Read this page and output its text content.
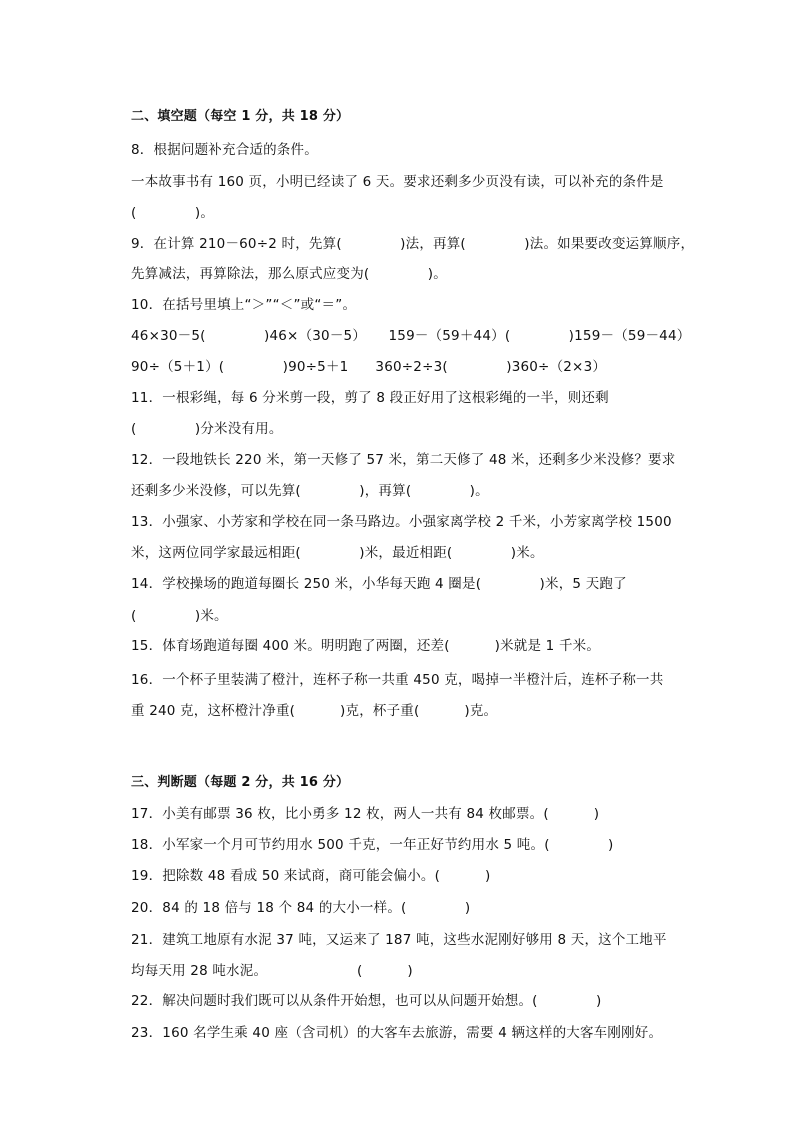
二、填空题（每空 1 分，共 18 分）
8．根据问题补充合适的条件。
一本故事书有 160 页，小明已经读了 6 天。要求还剩多少页没有读，可以补充的条件是
(             )。
9．在计算 210－60÷2 时，先算(             )法，再算(             )法。如果要改变运算顺序，
先算减法，再算除法，那么原式应变为(             )。
10．在括号里填上“＞”“＜”或“＝”。
46×30－5(             )46×（30－5）     159－（59＋44）(             )159－（59－44）
90÷（5＋1）(             )90÷5＋1      360÷2÷3(             )360÷（2×3）
11．一根彩绳，每 6 分米剪一段，剪了 8 段正好用了这根彩绳的一半，则还剩
(             )分米没有用。
12．一段地铁长 220 米，第一天修了 57 米，第二天修了 48 米，还剩多少米没修？要求
还剩多少米没修，可以先算(             )，再算(             )。
13．小强家、小芳家和学校在同一条马路边。小强家离学校 2 千米，小芳家离学校 1500
米，这两位同学家最远相距(             )米，最近相距(             )米。
14．学校操场的跑道每圈长 250 米，小华每天跑 4 圈是(             )米，5 天跑了
(             )米。
15．体育场跑道每圈 400 米。明明跑了两圈，还差(          )米就是 1 千米。
16．一个杯子里装满了橙汁，连杯子称一共重 450 克，喝掉一半橙汁后，连杯子称一共
重 240 克，这杯橙汁净重(          )克，杯子重(          )克。
三、判断题（每题 2 分，共 16 分）
17．小美有邮票 36 枚，比小勇多 12 枚，两人一共有 84 枚邮票。(          )
18．小军家一个月可节约用水 500 千克，一年正好节约用水 5 吨。(             )
19．把除数 48 看成 50 来试商，商可能会偏小。(          )
20．84 的 18 倍与 18 个 84 的大小一样。(             )
21．建筑工地原有水泥 37 吨，又运来了 187 吨，这些水泥刚好够用 8 天，这个工地平
均每天用 28 吨水泥。                    (          )
22．解决问题时我们既可以从条件开始想，也可以从问题开始想。(             )
23．160 名学生乘 40 座（含司机）的大客车去旅游，需要 4 辆这样的大客车刚刚好。
